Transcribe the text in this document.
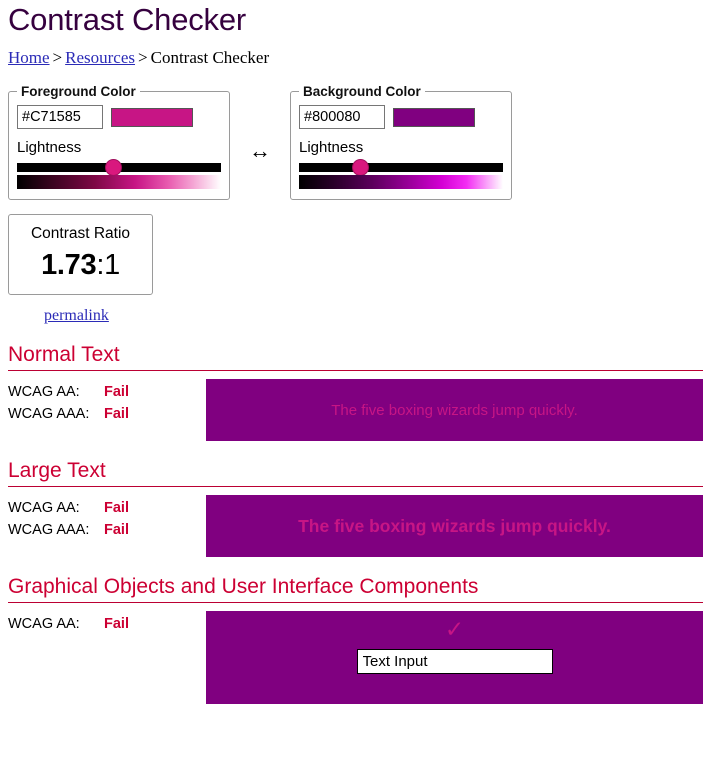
Contrast Checker
Home > Resources > Contrast Checker
Foreground Color
#C71585
Lightness	↔
Background Color
#800080
Lightness
Contrast Ratio
1.73:1
permalink
Normal Text
WCAG AA:	Fail
WCAG AAA:	Fail	The five boxing wizards jump quickly.
Large Text
WCAG AA:	Fail
WCAG AAA:	Fail	The five boxing wizards jump quickly.
Graphical Objects and User Interface Components
WCAG AA:	Fail	✓
Text Input
